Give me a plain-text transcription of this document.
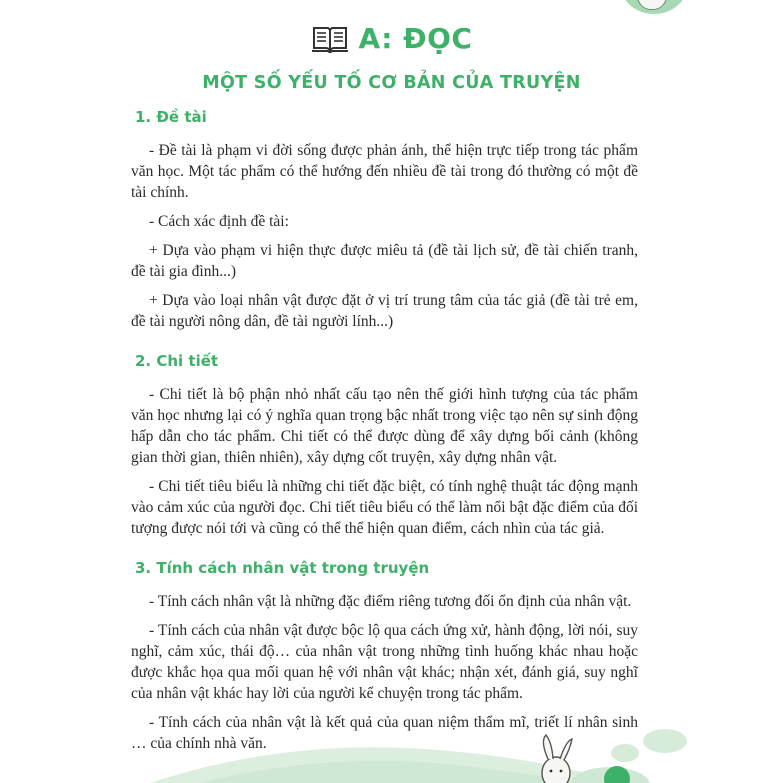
A: ĐỌC
MỘT SỐ YẾU TỐ CƠ BẢN CỦA TRUYỆN
1. Đề tài

- Đề tài là phạm vi đời sống được phản ánh, thể hiện trực tiếp trong tác phẩm văn học. Một tác phẩm có thể hướng đến nhiều đề tài trong đó thường có một đề tài chính.

- Cách xác định đề tài:

+ Dựa vào phạm vi hiện thực được miêu tả (đề tài lịch sử, đề tài chiến tranh, đề tài gia đình...)

+ Dựa vào loại nhân vật được đặt ở vị trí trung tâm của tác giả (đề tài trẻ em, đề tài người nông dân, đề tài người lính...)

2. Chi tiết

- Chi tiết là bộ phận nhỏ nhất cấu tạo nên thế giới hình tượng của tác phẩm văn học nhưng lại có ý nghĩa quan trọng bậc nhất trong việc tạo nên sự sinh động hấp dẫn cho tác phẩm. Chi tiết có thể được dùng để xây dựng bối cảnh (không gian thời gian, thiên nhiên), xây dựng cốt truyện, xây dựng nhân vật.

- Chi tiết tiêu biểu là những chi tiết đặc biệt, có tính nghệ thuật tác động mạnh vào cảm xúc của người đọc. Chi tiết tiêu biểu có thể làm nổi bật đặc điểm của đối tượng được nói tới và cũng có thể thể hiện quan điểm, cách nhìn của tác giả.

3. Tính cách nhân vật trong truyện

- Tính cách nhân vật là những đặc điểm riêng tương đối ổn định của nhân vật.

- Tính cách của nhân vật được bộc lộ qua cách ứng xử, hành động, lời nói, suy nghĩ, cảm xúc, thái độ… của nhân vật trong những tình huống khác nhau hoặc được khắc họa qua mối quan hệ với nhân vật khác; nhận xét, đánh giá, suy nghĩ của nhân vật khác hay lời của người kể chuyện trong tác phẩm.

- Tính cách của nhân vật là kết quả của quan niệm thẩm mĩ, triết lí nhân sinh … của chính nhà văn.
